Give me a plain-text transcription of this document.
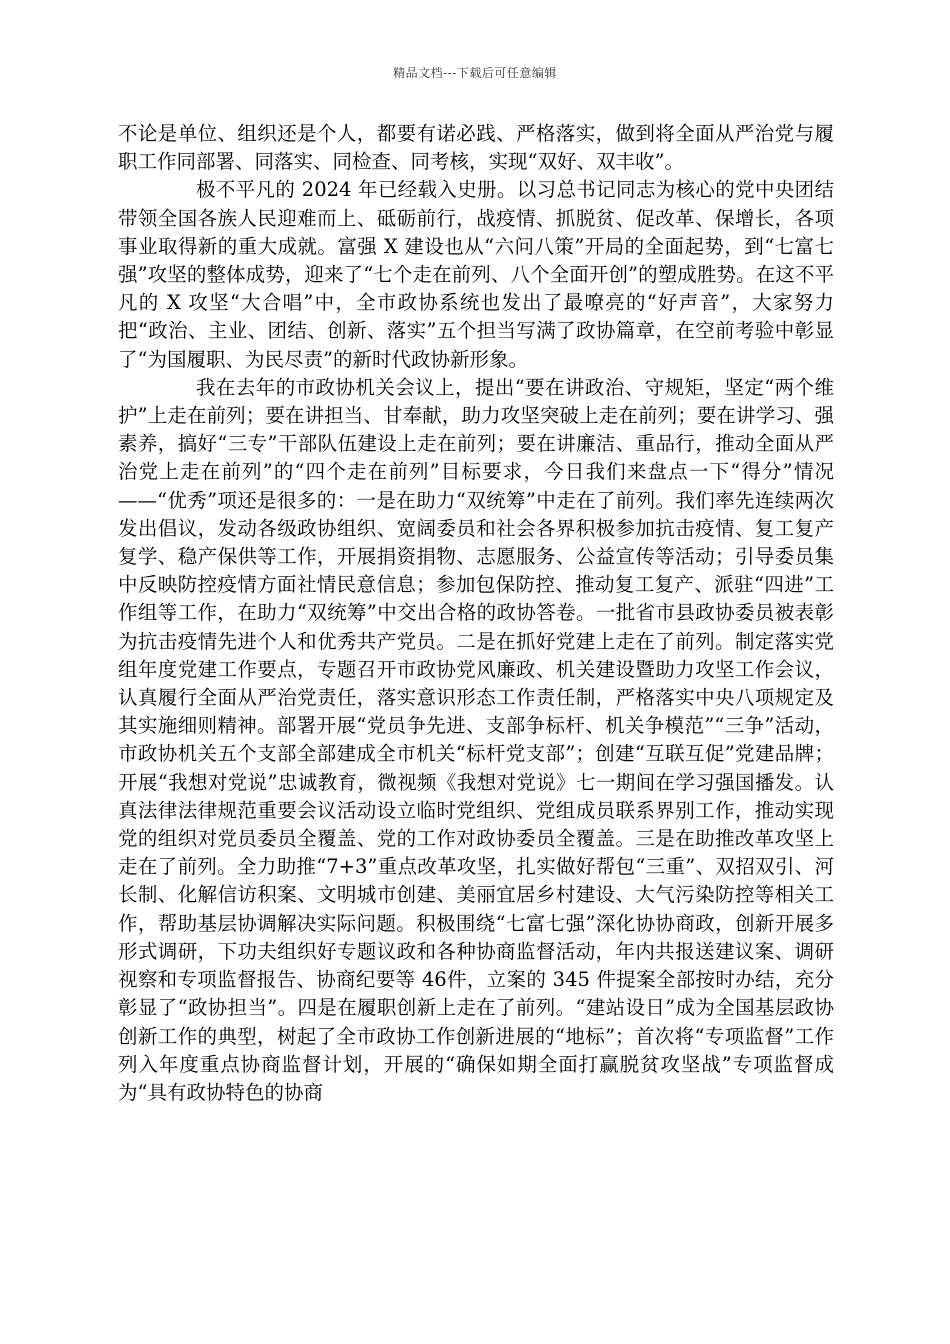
精品文档---下载后可任意编辑

不论是单位、组织还是个人，都要有诺必践、严格落实，做到将全面从严治党与履职工作同部署、同落实、同检查、同考核，实现“双好、双丰收”。

极不平凡的 2024 年已经载入史册。以习总书记同志为核心的党中央团结带领全国各族人民迎难而上、砥砺前行，战疫情、抓脱贫、促改革、保增长，各项事业取得新的重大成就。富强 X 建设也从“六问八策”开局的全面起势，到“七富七强”攻坚的整体成势，迎来了“七个走在前列、八个全面开创”的塑成胜势。在这不平凡的 X 攻坚“大合唱”中，全市政协系统也发出了最嘹亮的“好声音”，大家努力把“政治、主业、团结、创新、落实”五个担当写满了政协篇章，在空前考验中彰显了“为国履职、为民尽责”的新时代政协新形象。

我在去年的市政协机关会议上，提出“要在讲政治、守规矩，坚定“两个维护”上走在前列；要在讲担当、甘奉献，助力攻坚突破上走在前列；要在讲学习、强素养，搞好“三专”干部队伍建设上走在前列；要在讲廉洁、重品行，推动全面从严治党上走在前列”的“四个走在前列”目标要求，今日我们来盘点一下“得分”情况——“优秀”项还是很多的：一是在助力“双统筹”中走在了前列。我们率先连续两次发出倡议，发动各级政协组织、宽阔委员和社会各界积极参加抗击疫情、复工复产复学、稳产保供等工作，开展捐资捐物、志愿服务、公益宣传等活动；引导委员集中反映防控疫情方面社情民意信息；参加包保防控、推动复工复产、派驻“四进”工作组等工作，在助力“双统筹”中交出合格的政协答卷。一批省市县政协委员被表彰为抗击疫情先进个人和优秀共产党员。二是在抓好党建上走在了前列。制定落实党组年度党建工作要点，专题召开市政协党风廉政、机关建设暨助力攻坚工作会议，认真履行全面从严治党责任，落实意识形态工作责任制，严格落实中央八项规定及其实施细则精神。部署开展“党员争先进、支部争标杆、机关争模范”“三争”活动，市政协机关五个支部全部建成全市机关“标杆党支部”；创建“互联互促”党建品牌；开展“我想对党说”忠诚教育，微视频《我想对党说》七一期间在学习强国播发。认真法律法律规范重要会议活动设立临时党组织、党组成员联系界别工作，推动实现党的组织对党员委员全覆盖、党的工作对政协委员全覆盖。三是在助推改革攻坚上走在了前列。全力助推“7+3”重点改革攻坚，扎实做好帮包“三重”、双招双引、河长制、化解信访积案、文明城市创建、美丽宜居乡村建设、大气污染防控等相关工作，帮助基层协调解决实际问题。积极围绕“七富七强”深化协协商政，创新开展多形式调研，下功夫组织好专题议政和各种协商监督活动，年内共报送建议案、调研视察和专项监督报告、协商纪要等 46件，立案的 345 件提案全部按时办结，充分彰显了“政协担当”。四是在履职创新上走在了前列。“建站设日”成为全国基层政协创新工作的典型，树起了全市政协工作创新进展的“地标”；首次将“专项监督”工作列入年度重点协商监督计划，开展的“确保如期全面打赢脱贫攻坚战”专项监督成为“具有政协特色的协商
